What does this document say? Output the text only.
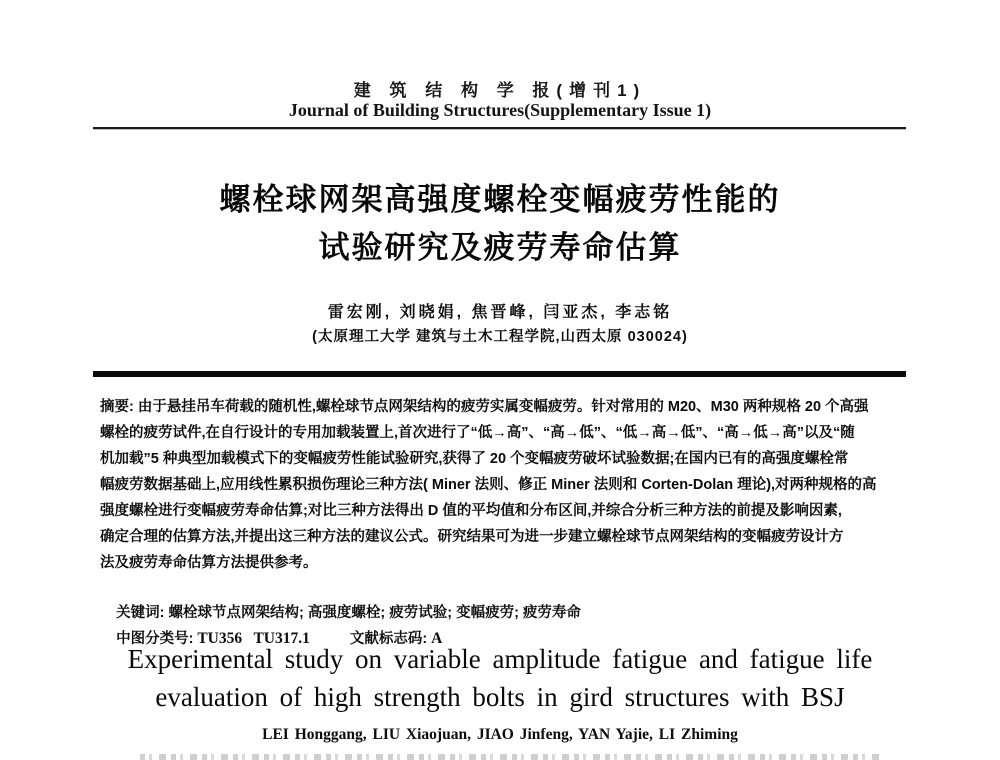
建 筑 结 构 学 报(增刊1)
Journal of Building Structures(Supplementary Issue 1)
螺栓球网架高强度螺栓变幅疲劳性能的
试验研究及疲劳寿命估算
雷宏刚, 刘晓娟, 焦晋峰, 闫亚杰, 李志铭
(太原理工大学 建筑与土木工程学院,山西太原 030024)
摘要: 由于悬挂吊车荷载的随机性,螺栓球节点网架结构的疲劳实属变幅疲劳。针对常用的 M20、M30 两种规格 20 个高强
螺栓的疲劳试件,在自行设计的专用加载装置上,首次进行了“低→高”、“高→低”、“低→高→低”、“高→低→高”以及“随
机加载”5 种典型加载模式下的变幅疲劳性能试验研究,获得了 20 个变幅疲劳破坏试验数据;在国内已有的高强度螺栓常
幅疲劳数据基础上,应用线性累积损伤理论三种方法( Miner 法则、修正 Miner 法则和 Corten-Dolan 理论),对两种规格的高
强度螺栓进行变幅疲劳寿命估算;对比三种方法得出 D 值的平均值和分布区间,并综合分析三种方法的前提及影响因素,
确定合理的估算方法,并提出这三种方法的建议公式。研究结果可为进一步建立螺栓球节点网架结构的变幅疲劳设计方
法及疲劳寿命估算方法提供参考。

关键词: 螺栓球节点网架结构; 高强度螺栓; 疲劳试验; 变幅疲劳; 疲劳寿命

中图分类号: TU356   TU317.1	文献标志码: A

Experimental study on variable amplitude fatigue and fatigue life
evaluation of high strength bolts in gird structures with BSJ
LEI Honggang, LIU Xiaojuan, JIAO Jinfeng, YAN Yajie, LI Zhiming
